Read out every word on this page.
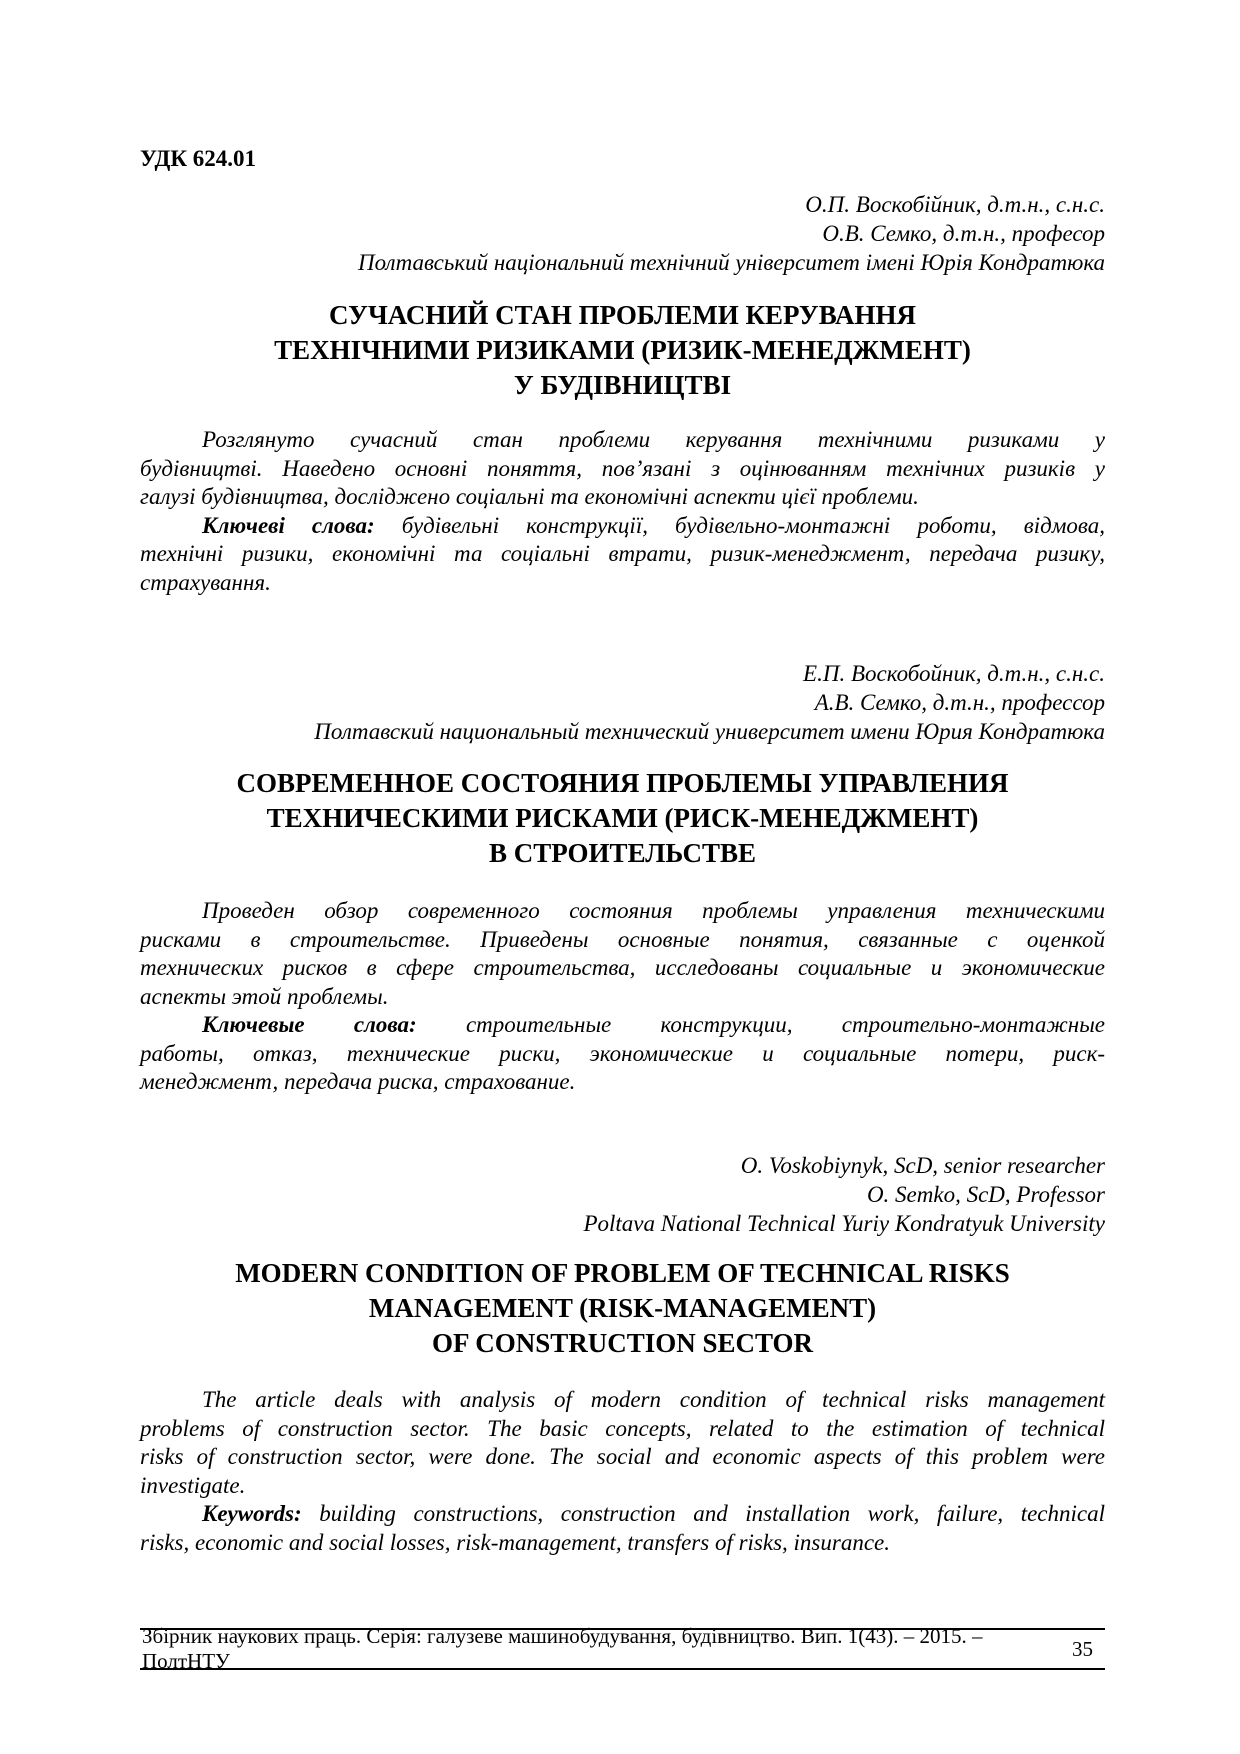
УДК 624.01
О.П. Воскобійник, д.т.н., с.н.с.
О.В. Семко, д.т.н., професор
Полтавський національний технічний університет імені Юрія Кондратюка
СУЧАСНИЙ СТАН ПРОБЛЕМИ КЕРУВАННЯ
ТЕХНІЧНИМИ РИЗИКАМИ (РИЗИК-МЕНЕДЖМЕНТ)
У БУДІВНИЦТВІ
Розглянуто сучасний стан проблеми керування технічними ризиками у
будівництві. Наведено основні поняття, пов’язані з оцінюванням технічних ризиків у
галузі будівництва, досліджено соціальні та економічні аспекти цієї проблеми.
Ключеві слова: будівельні конструкції, будівельно-монтажні роботи, відмова,
технічні ризики, економічні та соціальні втрати, ризик-менеджмент, передача ризику,
страхування.
Е.П. Воскобойник, д.т.н., с.н.с.
А.В. Семко, д.т.н., профессор
Полтавский национальный технический университет имени Юрия Кондратюка
СОВРЕМЕННОЕ СОСТОЯНИЯ ПРОБЛЕМЫ УПРАВЛЕНИЯ
ТЕХНИЧЕСКИМИ РИСКАМИ (РИСК-МЕНЕДЖМЕНТ)
В СТРОИТЕЛЬСТВЕ
Проведен обзор современного состояния проблемы управления техническими
рисками в строительстве. Приведены основные понятия, связанные с оценкой
технических рисков в сфере строительства, исследованы социальные и экономические
аспекты этой проблемы.
Ключевые слова: строительные конструкции, строительно-монтажные
работы, отказ, технические риски, экономические и социальные потери, риск-
менеджмент, передача риска, страхование.
O. Voskobiynyk, ScD, senior researcher
O. Semko, ScD, Professor
Poltava National Technical Yuriy Kondratyuk University
MODERN CONDITION OF PROBLEM OF TECHNICAL RISKS
MANAGEMENT (RISK-MANAGEMENT)
OF CONSTRUCTION SECTOR
The article deals with analysis of modern condition of technical risks management
problems of construction sector. The basic concepts, related to the estimation of technical
risks of construction sector, were done. The social and economic aspects of this problem were
investigate.
Keywords: building constructions, construction and installation work, failure, technical
risks, economic and social losses, risk-management, transfers of risks, insurance.
Збірник наукових праць. Серія: галузеве машинобудування, будівництво. Вип. 1(43). – 2015. – ПолтНТУ
35
